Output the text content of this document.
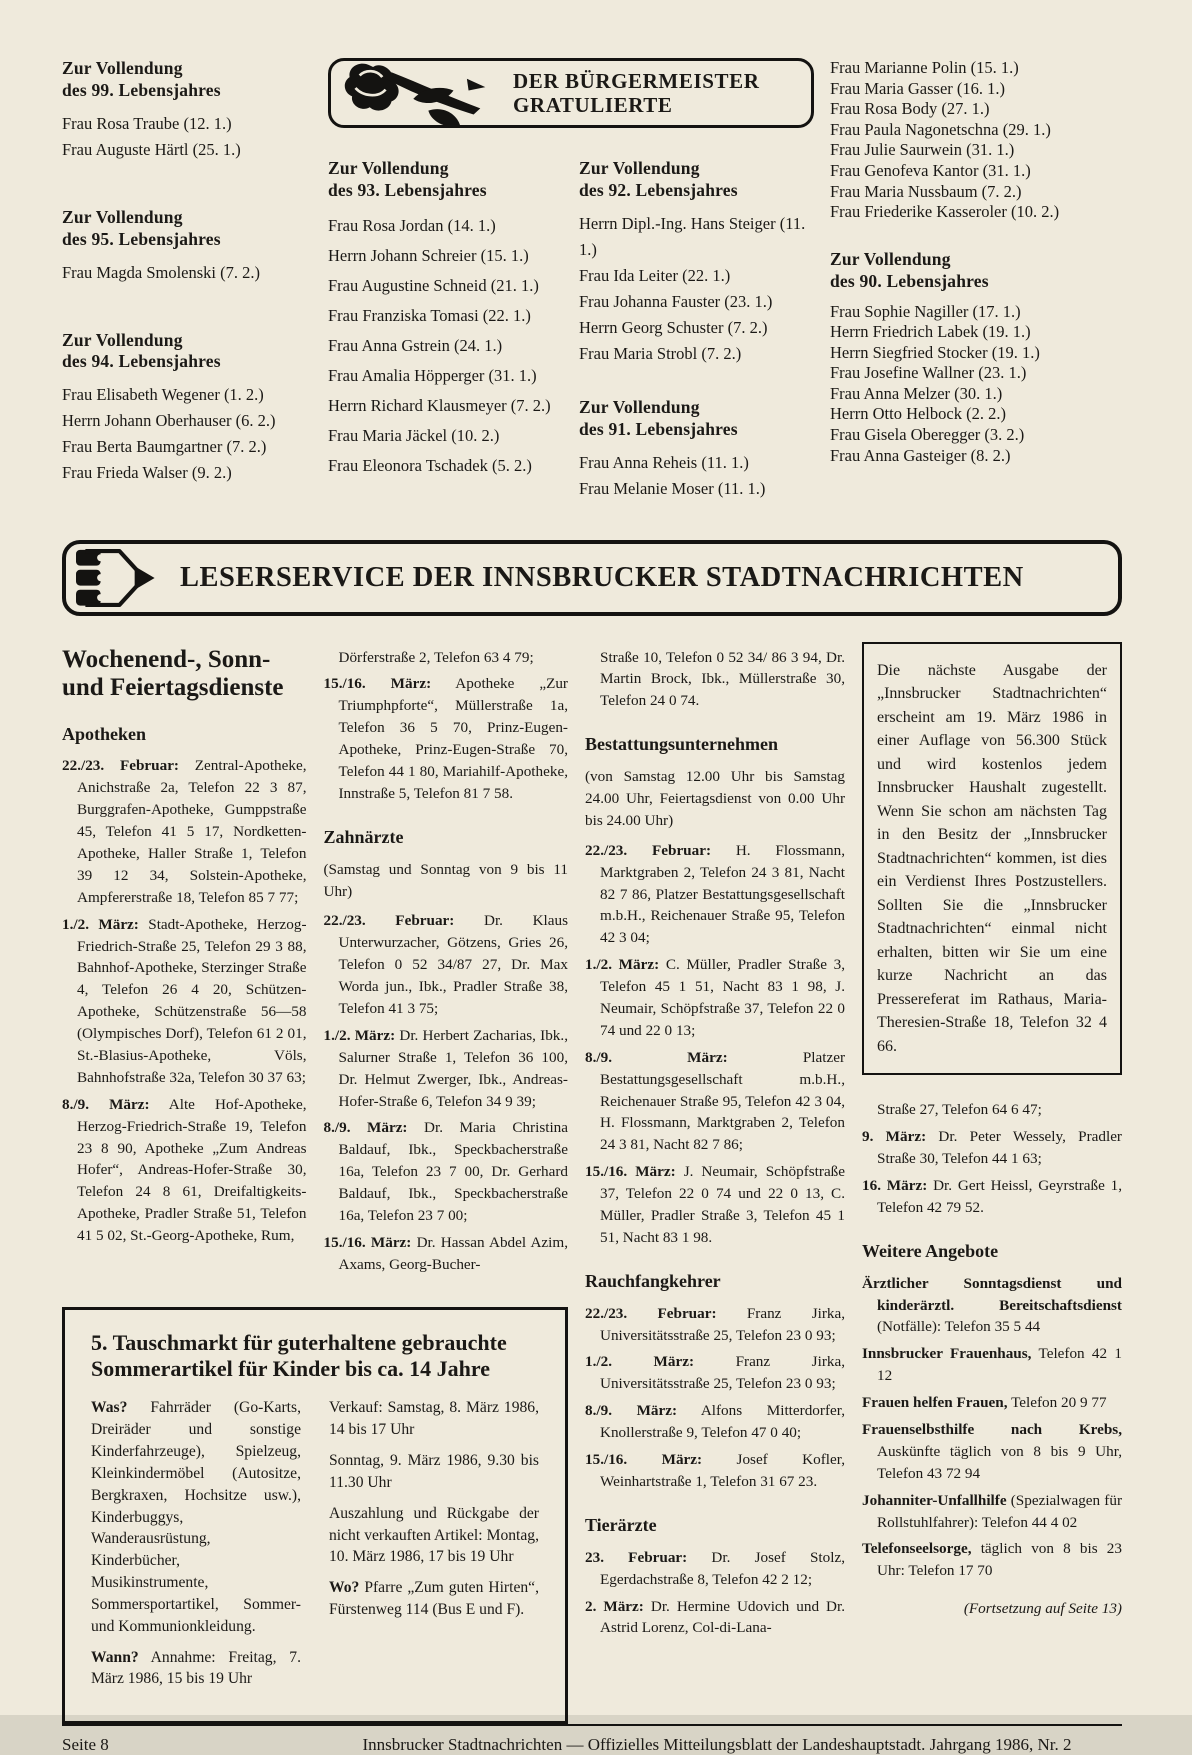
Zur Vollendung
des 99. Lebensjahres
Frau Rosa Traube (12. 1.)
Frau Auguste Härtl (25. 1.)
Zur Vollendung
des 95. Lebensjahres
Frau Magda Smolenski (7. 2.)
Zur Vollendung
des 94. Lebensjahres
Frau Elisabeth Wegener (1. 2.)
Herrn Johann Oberhauser (6. 2.)
Frau Berta Baumgartner (7. 2.)
Frau Frieda Walser (9. 2.)
DER BÜRGERMEISTER
GRATULIERTE
Zur Vollendung
des 93. Lebensjahres
Frau Rosa Jordan (14. 1.)
Herrn Johann Schreier (15. 1.)
Frau Augustine Schneid (21. 1.)
Frau Franziska Tomasi (22. 1.)
Frau Anna Gstrein (24. 1.)
Frau Amalia Höpperger (31. 1.)
Herrn Richard Klausmeyer (7. 2.)
Frau Maria Jäckel (10. 2.)
Frau Eleonora Tschadek (5. 2.)
Zur Vollendung
des 92. Lebensjahres
Herrn Dipl.-Ing. Hans Steiger (11. 1.)
Frau Ida Leiter (22. 1.)
Frau Johanna Fauster (23. 1.)
Herrn Georg Schuster (7. 2.)
Frau Maria Strobl (7. 2.)
Zur Vollendung
des 91. Lebensjahres
Frau Anna Reheis (11. 1.)
Frau Melanie Moser (11. 1.)
Frau Marianne Polin (15. 1.)
Frau Maria Gasser (16. 1.)
Frau Rosa Body (27. 1.)
Frau Paula Nagonetschna (29. 1.)
Frau Julie Saurwein (31. 1.)
Frau Genofeva Kantor (31. 1.)
Frau Maria Nussbaum (7. 2.)
Frau Friederike Kasseroler (10. 2.)
Zur Vollendung
des 90. Lebensjahres
Frau Sophie Nagiller (17. 1.)
Herrn Friedrich Labek (19. 1.)
Herrn Siegfried Stocker (19. 1.)
Frau Josefine Wallner (23. 1.)
Frau Anna Melzer (30. 1.)
Herrn Otto Helbock (2. 2.)
Frau Gisela Oberegger (3. 2.)
Frau Anna Gasteiger (8. 2.)
LESERSERVICE DER INNSBRUCKER STADTNACHRICHTEN
Wochenend-, Sonn-
und Feiertagsdienste
Apotheken

22./23. Februar: Zentral-Apotheke, Anichstraße 2a, Telefon 22 3 87, Burggrafen-Apotheke, Gumppstraße 45, Telefon 41 5 17, Nordketten-Apotheke, Haller Straße 1, Telefon 39 12 34, Solstein-Apotheke, Ampfererstraße 18, Telefon 85 7 77;

1./2. März: Stadt-Apotheke, Herzog-Friedrich-Straße 25, Telefon 29 3 88, Bahnhof-Apotheke, Sterzinger Straße 4, Telefon 26 4 20, Schützen-Apotheke, Schützenstraße 56—58 (Olympisches Dorf), Telefon 61 2 01, St.-Blasius-Apotheke, Völs, Bahnhofstraße 32a, Telefon 30 37 63;

8./9. März: Alte Hof-Apotheke, Herzog-Friedrich-Straße 19, Telefon 23 8 90, Apotheke „Zum Andreas Hofer“, Andreas-Hofer-Straße 30, Telefon 24 8 61, Dreifaltigkeits-Apotheke, Pradler Straße 51, Telefon 41 5 02, St.-Georg-Apotheke, Rum,

Dörferstraße 2, Telefon 63 4 79;

15./16. März: Apotheke „Zur Triumphpforte“, Müllerstraße 1a, Telefon 36 5 70, Prinz-Eugen-Apotheke, Prinz-Eugen-Straße 70, Telefon 44 1 80, Mariahilf-Apotheke, Innstraße 5, Telefon 81 7 58.

Zahnärzte

(Samstag und Sonntag von 9 bis 11 Uhr)

22./23. Februar: Dr. Klaus Unterwurzacher, Götzens, Gries 26, Telefon 0 52 34/87 27, Dr. Max Worda jun., Ibk., Pradler Straße 38, Telefon 41 3 75;

1./2. März: Dr. Herbert Zacharias, Ibk., Salurner Straße 1, Telefon 36 100, Dr. Helmut Zwerger, Ibk., Andreas-Hofer-Straße 6, Telefon 34 9 39;

8./9. März: Dr. Maria Christina Baldauf, Ibk., Speckbacherstraße 16a, Telefon 23 7 00, Dr. Gerhard Baldauf, Ibk., Speckbacherstraße 16a, Telefon 23 7 00;

15./16. März: Dr. Hassan Abdel Azim, Axams, Georg-Bucher-

5. Tauschmarkt für guterhaltene gebrauchte Sommerartikel für Kinder bis ca. 14 Jahre

Was? Fahrräder (Go-Karts, Dreiräder und sonstige Kinderfahrzeuge), Spielzeug, Kleinkindermöbel (Autositze, Bergkraxen, Hochsitze usw.), Kinderbuggys, Wanderausrüstung, Kinderbücher, Musikinstrumente, Sommersportartikel, Sommer- und Kommunionkleidung.

Wann? Annahme: Freitag, 7. März 1986, 15 bis 19 Uhr

Verkauf: Samstag, 8. März 1986, 14 bis 17 Uhr

Sonntag, 9. März 1986, 9.30 bis 11.30 Uhr

Auszahlung und Rückgabe der nicht verkauften Artikel: Montag, 10. März 1986, 17 bis 19 Uhr

Wo? Pfarre „Zum guten Hirten“, Fürstenweg 114 (Bus E und F).

Straße 10, Telefon 0 52 34/ 86 3 94, Dr. Martin Brock, Ibk., Müllerstraße 30, Telefon 24 0 74.

Bestattungsunternehmen

(von Samstag 12.00 Uhr bis Samstag 24.00 Uhr, Feiertagsdienst von 0.00 Uhr bis 24.00 Uhr)

22./23. Februar: H. Flossmann, Marktgraben 2, Telefon 24 3 81, Nacht 82 7 86, Platzer Bestattungsgesellschaft m.b.H., Reichenauer Straße 95, Telefon 42 3 04;

1./2. März: C. Müller, Pradler Straße 3, Telefon 45 1 51, Nacht 83 1 98, J. Neumair, Schöpfstraße 37, Telefon 22 0 74 und 22 0 13;

8./9. März:	Platzer Bestattungsgesellschaft m.b.H., Reichenauer Straße 95, Telefon 42 3 04, H. Flossmann, Marktgraben 2, Telefon 24 3 81, Nacht 82 7 86;

15./16. März: J. Neumair, Schöpfstraße 37, Telefon 22 0 74 und 22 0 13, C. Müller, Pradler Straße 3, Telefon 45 1 51, Nacht 83 1 98.

Rauchfangkehrer

22./23. Februar: Franz Jirka, Universitätsstraße 25, Telefon 23 0 93;

1./2. März:	Franz Jirka, Universitätsstraße 25, Telefon 23 0 93;

8./9. März: Alfons Mitterdorfer, Knollerstraße 9, Telefon 47 0 40;

15./16. März: Josef Kofler, Weinhartstraße 1, Telefon 31 67 23.

Tierärzte

23. Februar: Dr. Josef Stolz, Egerdachstraße 8, Telefon 42 2 12;

2. März: Dr. Hermine Udovich und Dr. Astrid Lorenz, Col-di-Lana-

Die nächste Ausgabe der „Innsbrucker Stadtnachrichten“ erscheint am 19. März 1986 in einer Auflage von 56.300 Stück und wird kostenlos jedem Innsbrucker Haushalt zugestellt. Wenn Sie schon am nächsten Tag in den Besitz der „Innsbrucker Stadtnachrichten“ kommen, ist dies ein Verdienst Ihres Postzustellers. Sollten Sie die „Innsbrucker Stadtnachrichten“ einmal nicht erhalten, bitten wir Sie um eine kurze Nachricht an das Pressereferat im Rathaus, Maria-Theresien-Straße 18, Telefon 32 4 66.

Straße 27, Telefon 64 6 47;

9. März: Dr. Peter Wessely, Pradler Straße 30, Telefon 44 1 63;

16. März: Dr. Gert Heissl, Geyrstraße 1, Telefon 42 79 52.

Weitere Angebote

Ärztlicher Sonntagsdienst und kinderärztl. Bereitschaftsdienst (Notfälle): Telefon 35 5 44

Innsbrucker Frauenhaus, Telefon 42 1 12

Frauen helfen Frauen, Telefon 20 9 77

Frauenselbsthilfe nach Krebs, Auskünfte täglich von 8 bis 9 Uhr, Telefon 43 72 94

Johanniter-Unfallhilfe (Spezialwagen für Rollstuhlfahrer): Telefon 44 4 02

Telefonseelsorge, täglich von 8 bis 23 Uhr: Telefon 17 70

(Fortsetzung auf Seite 13)

Seite 8	Innsbrucker Stadtnachrichten — Offizielles Mitteilungsblatt der Landeshauptstadt. Jahrgang 1986, Nr. 2
